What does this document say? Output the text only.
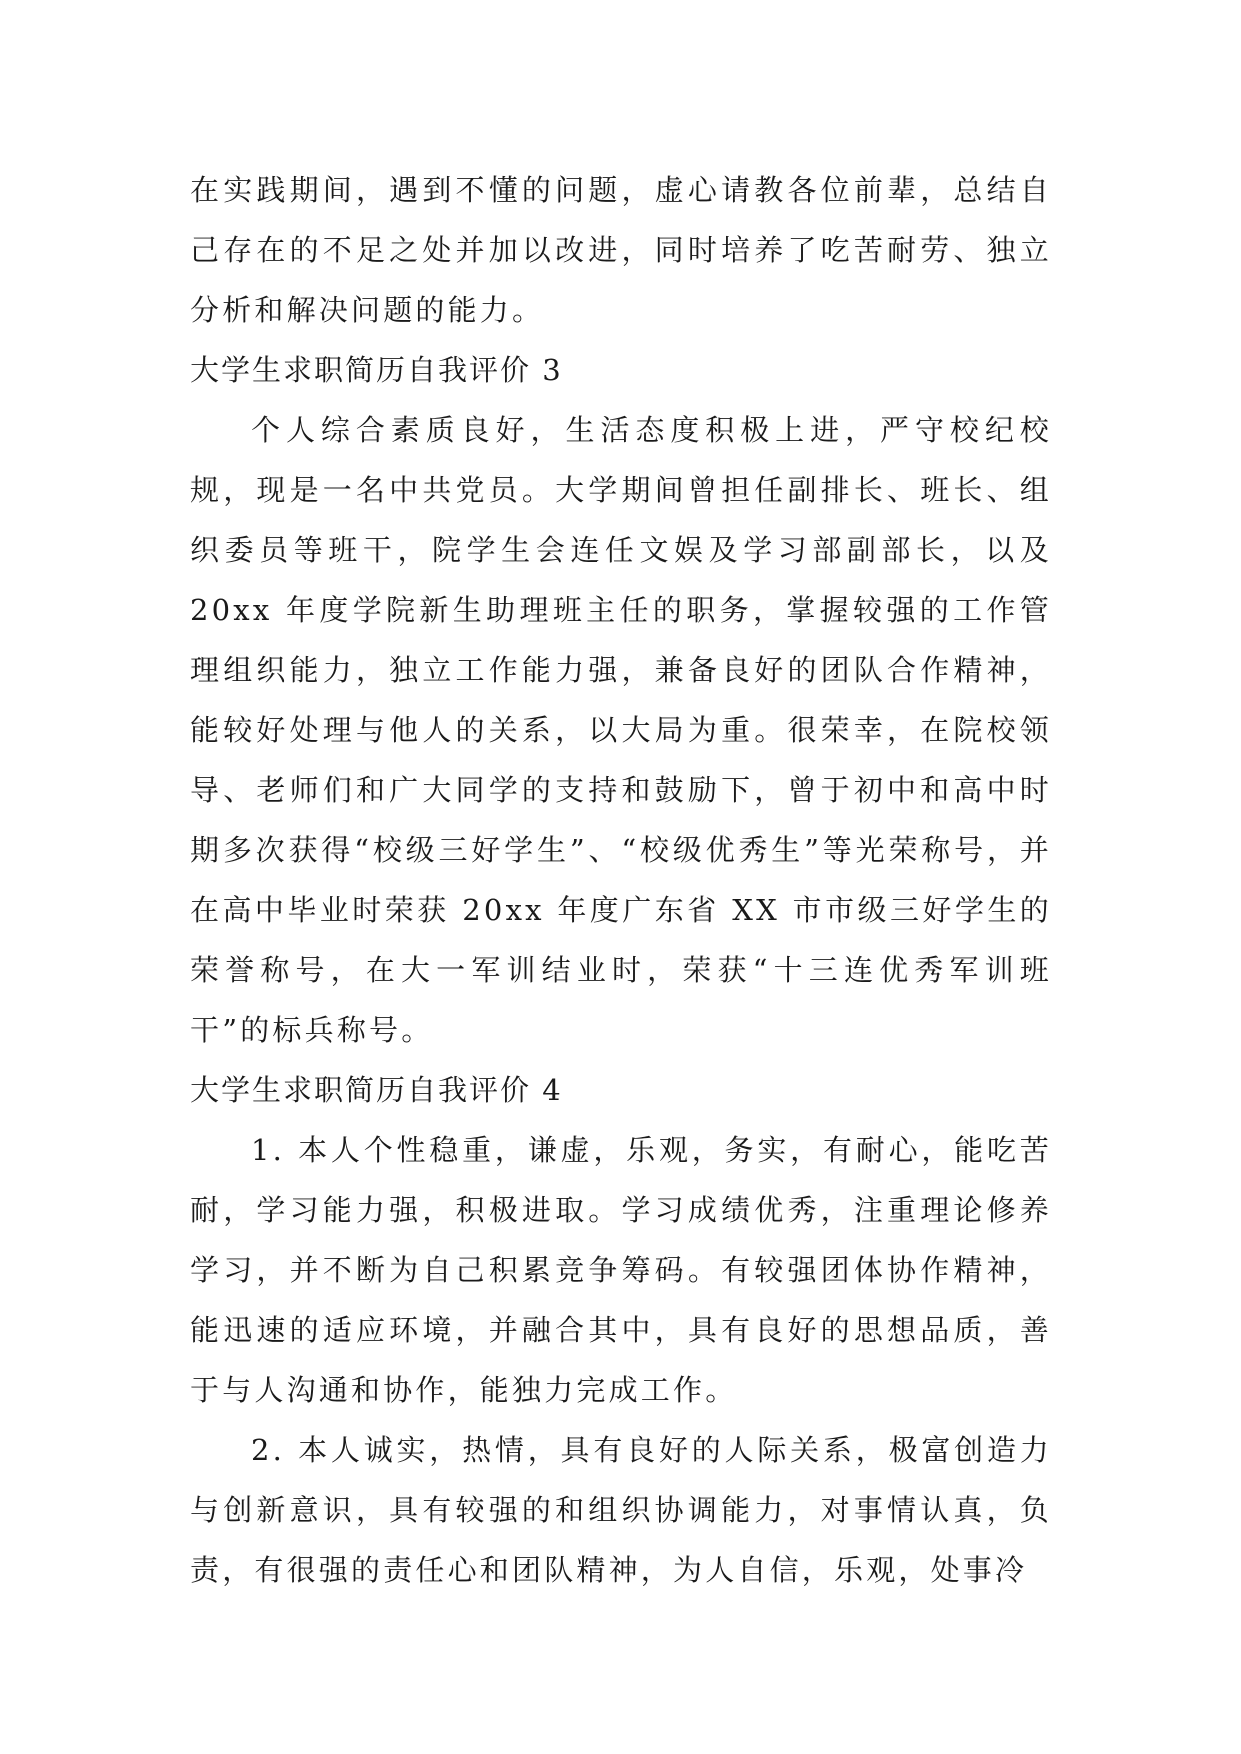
在实践期间，遇到不懂的问题，虚心请教各位前辈，总结自己存在的不足之处并加以改进，同时培养了吃苦耐劳、独立分析和解决问题的能力。

大学生求职简历自我评价 3

个人综合素质良好，生活态度积极上进，严守校纪校规，现是一名中共党员。大学期间曾担任副排长、班长、组织委员等班干，院学生会连任文娱及学习部副部长，以及 20xx 年度学院新生助理班主任的职务，掌握较强的工作管理组织能力，独立工作能力强，兼备良好的团队合作精神，能较好处理与他人的关系，以大局为重。很荣幸，在院校领导、老师们和广大同学的支持和鼓励下，曾于初中和高中时期多次获得“校级三好学生”、“校级优秀生”等光荣称号，并在高中毕业时荣获 20xx 年度广东省 XX 市市级三好学生的荣誉称号，在大一军训结业时，荣获“十三连优秀军训班干”的标兵称号。

大学生求职简历自我评价 4

1. 本人个性稳重，谦虚，乐观，务实，有耐心，能吃苦耐，学习能力强，积极进取。学习成绩优秀，注重理论修养学习，并不断为自己积累竞争筹码。有较强团体协作精神，能迅速的适应环境，并融合其中，具有良好的思想品质，善于与人沟通和协作，能独力完成工作。

2. 本人诚实，热情，具有良好的人际关系，极富创造力与创新意识，具有较强的和组织协调能力，对事情认真，负责，有很强的责任心和团队精神，为人自信，乐观，处事冷
